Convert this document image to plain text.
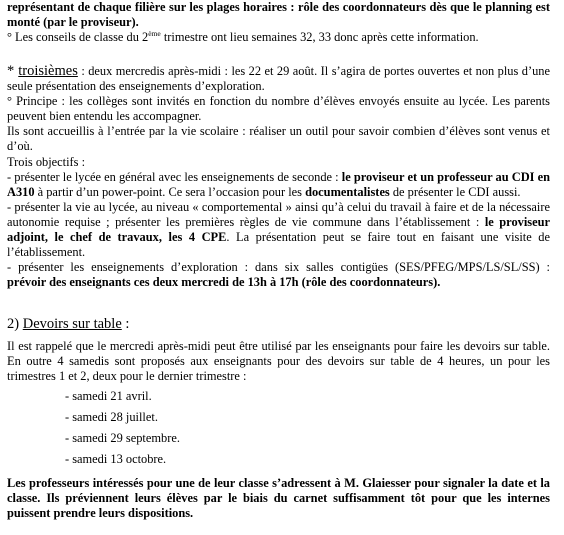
représentant de chaque filière sur les plages horaires : rôle des coordonnateurs dès que le planning est monté (par le proviseur).

° Les conseils de classe du 2ème trimestre ont lieu semaines 32, 33 donc après cette information.

* troisièmes : deux mercredis après-midi : les 22 et 29 août. Il s’agira de portes ouvertes et non plus d’une seule présentation des enseignements d’exploration.

° Principe : les collèges sont invités en fonction du nombre d’élèves envoyés ensuite au lycée. Les parents peuvent bien entendu les accompagner.

Ils sont accueillis à l’entrée par la vie scolaire : réaliser un outil pour savoir combien d’élèves sont venus et d’où.

Trois objectifs :

- présenter le lycée en général avec les enseignements de seconde : le proviseur et un professeur au CDI en A310 à partir d’un power-point. Ce sera l’occasion pour les documentalistes de présenter le CDI aussi.

- présenter la vie au lycée, au niveau « comportemental » ainsi qu’à celui du travail à faire et de la nécessaire autonomie requise ; présenter les premières règles de vie commune dans l’établissement : le proviseur adjoint, le chef de travaux, les 4 CPE. La présentation peut se faire tout en faisant une visite de l’établissement.

- présenter les enseignements d’exploration : dans six salles contigües (SES/PFEG/MPS/LS/SL/SS) : prévoir des enseignants ces deux mercredi de 13h à 17h (rôle des coordonnateurs).

2) Devoirs sur table :

Il est rappelé que le mercredi après-midi peut être utilisé par les enseignants pour faire les devoirs sur table. En outre 4 samedis sont proposés aux enseignants pour des devoirs sur table de 4 heures, un pour les trimestres 1 et 2, deux pour le dernier trimestre :

- samedi 21 avril.
- samedi 28 juillet.
- samedi 29 septembre.
- samedi 13 octobre.

Les professeurs intéressés pour une de leur classe s’adressent à M. Glaiesser pour signaler la date et la classe. Ils préviennent leurs élèves par le biais du carnet suffisamment tôt pour que les internes puissent prendre leurs dispositions.
